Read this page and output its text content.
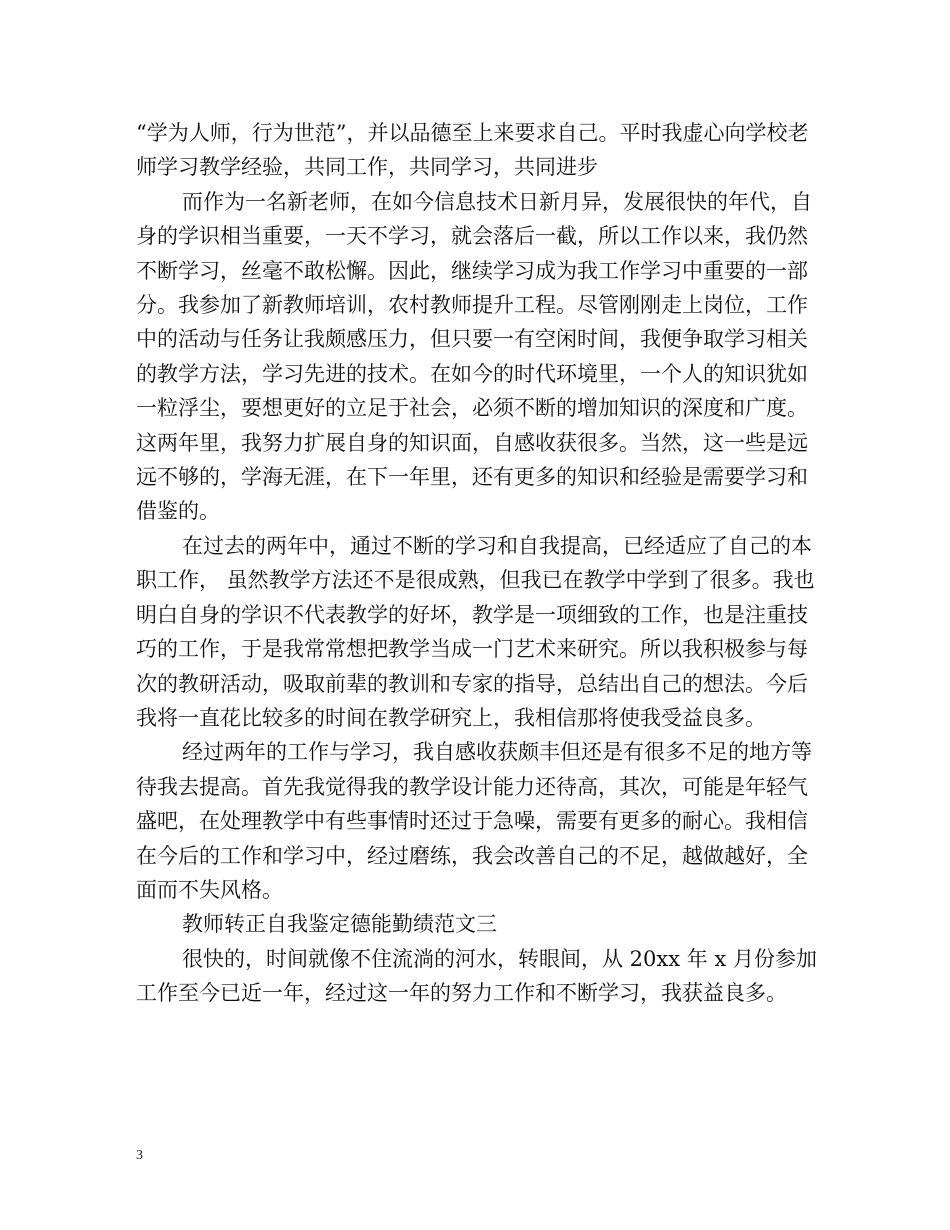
“学为人师，行为世范”，并以品德至上来要求自己。平时我虚心向学校老师学习教学经验，共同工作，共同学习，共同进步

而作为一名新老师，在如今信息技术日新月异，发展很快的年代，自身的学识相当重要，一天不学习，就会落后一截，所以工作以来，我仍然不断学习，丝毫不敢松懈。因此，继续学习成为我工作学习中重要的一部分。我参加了新教师培训，农村教师提升工程。尽管刚刚走上岗位，工作中的活动与任务让我颇感压力，但只要一有空闲时间，我便争取学习相关的教学方法，学习先进的技术。在如今的时代环境里，一个人的知识犹如一粒浮尘，要想更好的立足于社会，必须不断的增加知识的深度和广度。这两年里，我努力扩展自身的知识面，自感收获很多。当然，这一些是远远不够的，学海无涯，在下一年里，还有更多的知识和经验是需要学习和借鉴的。

在过去的两年中，通过不断的学习和自我提高，已经适应了自己的本职工作， 虽然教学方法还不是很成熟，但我已在教学中学到了很多。我也明白自身的学识不代表教学的好坏，教学是一项细致的工作，也是注重技巧的工作，于是我常常想把教学当成一门艺术来研究。所以我积极参与每次的教研活动，吸取前辈的教训和专家的指导，总结出自己的想法。今后我将一直花比较多的时间在教学研究上，我相信那将使我受益良多。

经过两年的工作与学习，我自感收获颇丰但还是有很多不足的地方等待我去提高。首先我觉得我的教学设计能力还待高，其次，可能是年轻气盛吧，在处理教学中有些事情时还过于急噪，需要有更多的耐心。我相信在今后的工作和学习中，经过磨练，我会改善自己的不足，越做越好，全面而不失风格。

教师转正自我鉴定德能勤绩范文三

很快的，时间就像不住流淌的河水，转眼间，从 20xx 年 x 月份参加工作至今已近一年，经过这一年的努力工作和不断学习，我获益良多。

3
